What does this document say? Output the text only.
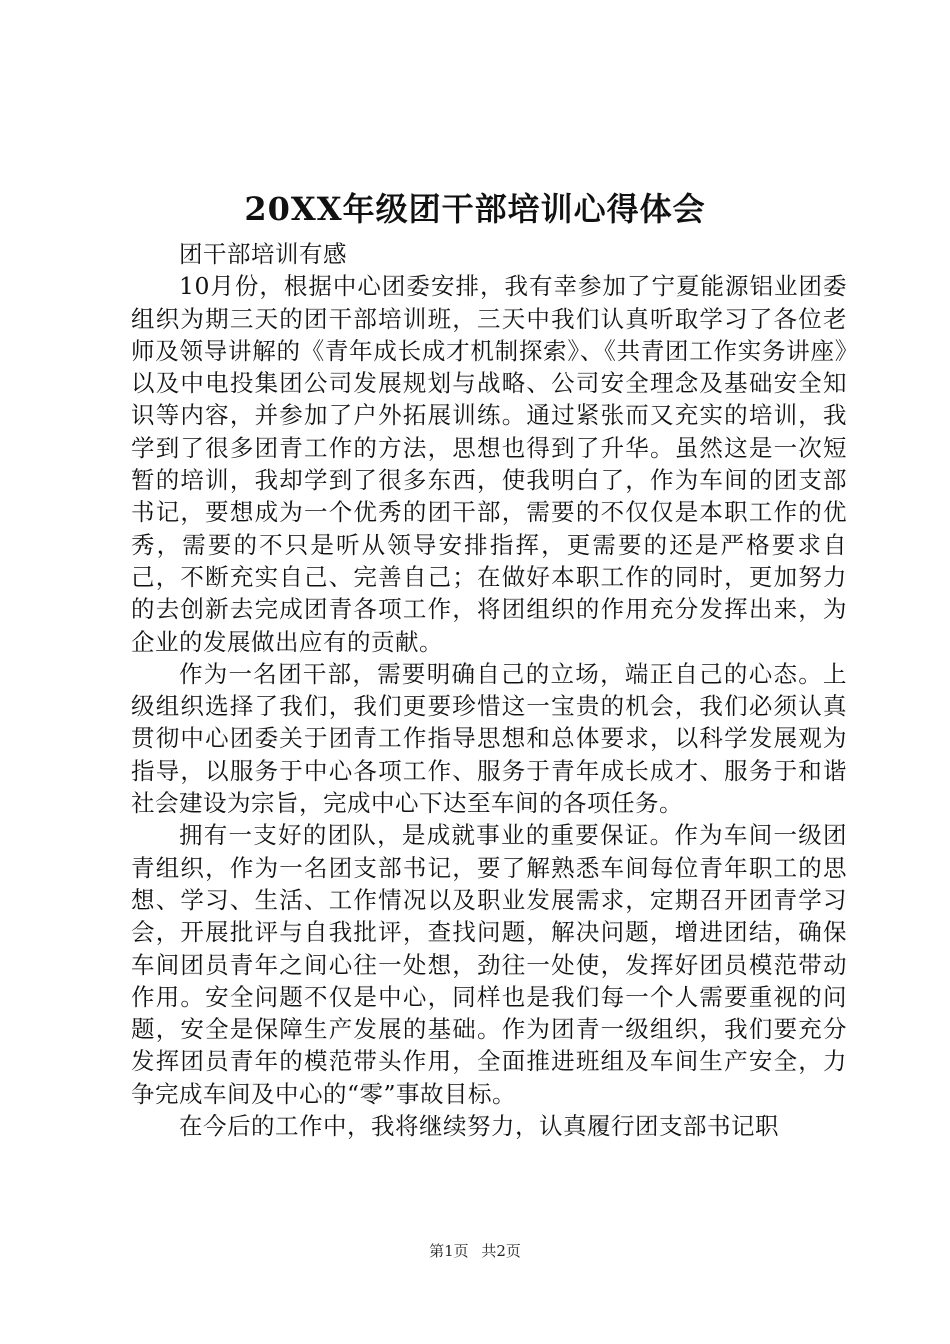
20XX年级团干部培训心得体会

团干部培训有感

10月份，根据中心团委安排，我有幸参加了宁夏能源铝业团委组织为期三天的团干部培训班，三天中我们认真听取学习了各位老师及领导讲解的《青年成长成才机制探索》、《共青团工作实务讲座》以及中电投集团公司发展规划与战略、公司安全理念及基础安全知识等内容，并参加了户外拓展训练。通过紧张而又充实的培训，我学到了很多团青工作的方法，思想也得到了升华。虽然这是一次短暂的培训，我却学到了很多东西，使我明白了，作为车间的团支部书记，要想成为一个优秀的团干部，需要的不仅仅是本职工作的优秀，需要的不只是听从领导安排指挥，更需要的还是严格要求自己，不断充实自己、完善自己；在做好本职工作的同时，更加努力的去创新去完成团青各项工作，将团组织的作用充分发挥出来，为企业的发展做出应有的贡献。

作为一名团干部，需要明确自己的立场，端正自己的心态。上级组织选择了我们，我们更要珍惜这一宝贵的机会，我们必须认真贯彻中心团委关于团青工作指导思想和总体要求，以科学发展观为指导，以服务于中心各项工作、服务于青年成长成才、服务于和谐社会建设为宗旨，完成中心下达至车间的各项任务。

拥有一支好的团队，是成就事业的重要保证。作为车间一级团青组织，作为一名团支部书记，要了解熟悉车间每位青年职工的思想、学习、生活、工作情况以及职业发展需求，定期召开团青学习会，开展批评与自我批评，查找问题，解决问题，增进团结，确保车间团员青年之间心往一处想，劲往一处使，发挥好团员模范带动作用。安全问题不仅是中心，同样也是我们每一个人需要重视的问题，安全是保障生产发展的基础。作为团青一级组织，我们要充分发挥团员青年的模范带头作用，全面推进班组及车间生产安全，力争完成车间及中心的“零”事故目标。

在今后的工作中，我将继续努力，认真履行团支部书记职

第1页 共2页
